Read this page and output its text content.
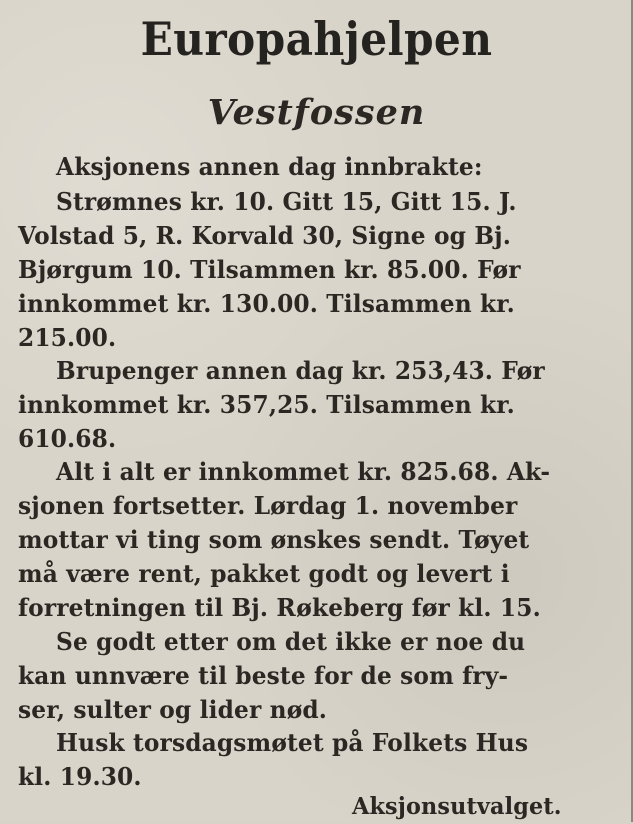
Europahjelpen
Vestfossen
Aksjonens annen dag innbrakte:
Strømnes kr. 10. Gitt 15, Gitt 15. J.
Volstad 5, R. Korvald 30, Signe og Bj.
Bjørgum 10. Tilsammen kr. 85.00. Før
innkommet kr. 130.00. Tilsammen kr.
215.00.
Brupenger annen dag kr. 253,43. Før
innkommet kr. 357,25. Tilsammen kr.
610.68.
Alt i alt er innkommet kr. 825.68. Ak-
sjonen fortsetter. Lørdag 1. november
mottar vi ting som ønskes sendt. Tøyet
må være rent, pakket godt og levert i
forretningen til Bj. Røkeberg før kl. 15.
Se godt etter om det ikke er noe du
kan unnvære til beste for de som fry-
ser, sulter og lider nød.
Husk torsdagsmøtet på Folkets Hus
kl. 19.30.
Aksjonsutvalget.
